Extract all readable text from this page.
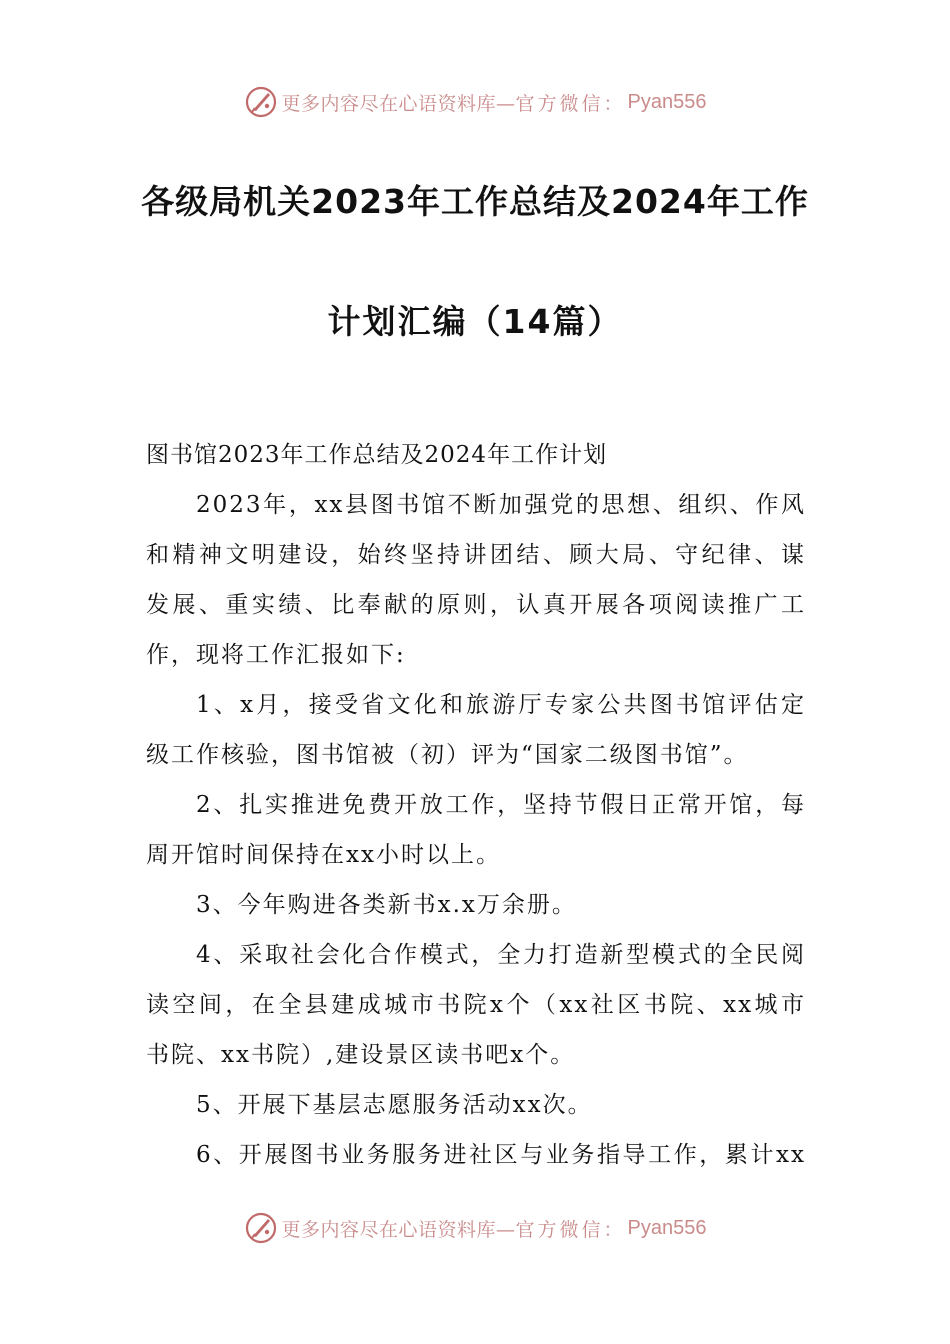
更多内容尽在心语资料库— 官方微信： Pyan556
各级局机关2023年工作总结及2024年工作
计划汇编（14篇）
图书馆2023年工作总结及2024年工作计划
2023年，xx县图书馆不断加强党的思想、组织、作风
和精神文明建设，始终坚持讲团结、顾大局、守纪律、谋
发展、重实绩、比奉献的原则，认真开展各项阅读推广工
作，现将工作汇报如下:
1、x月，接受省文化和旅游厅专家公共图书馆评估定
级工作核验，图书馆被（初）评为“国家二级图书馆”。
2、扎实推进免费开放工作，坚持节假日正常开馆，每
周开馆时间保持在xx小时以上。
3、今年购进各类新书x.x万余册。
4、采取社会化合作模式，全力打造新型模式的全民阅
读空间，在全县建成城市书院x个（xx社区书院、xx城市
书院、xx书院）,建设景区读书吧x个。
5、开展下基层志愿服务活动xx次。
6、开展图书业务服务进社区与业务指导工作，累计xx
更多内容尽在心语资料库— 官方微信： Pyan556
